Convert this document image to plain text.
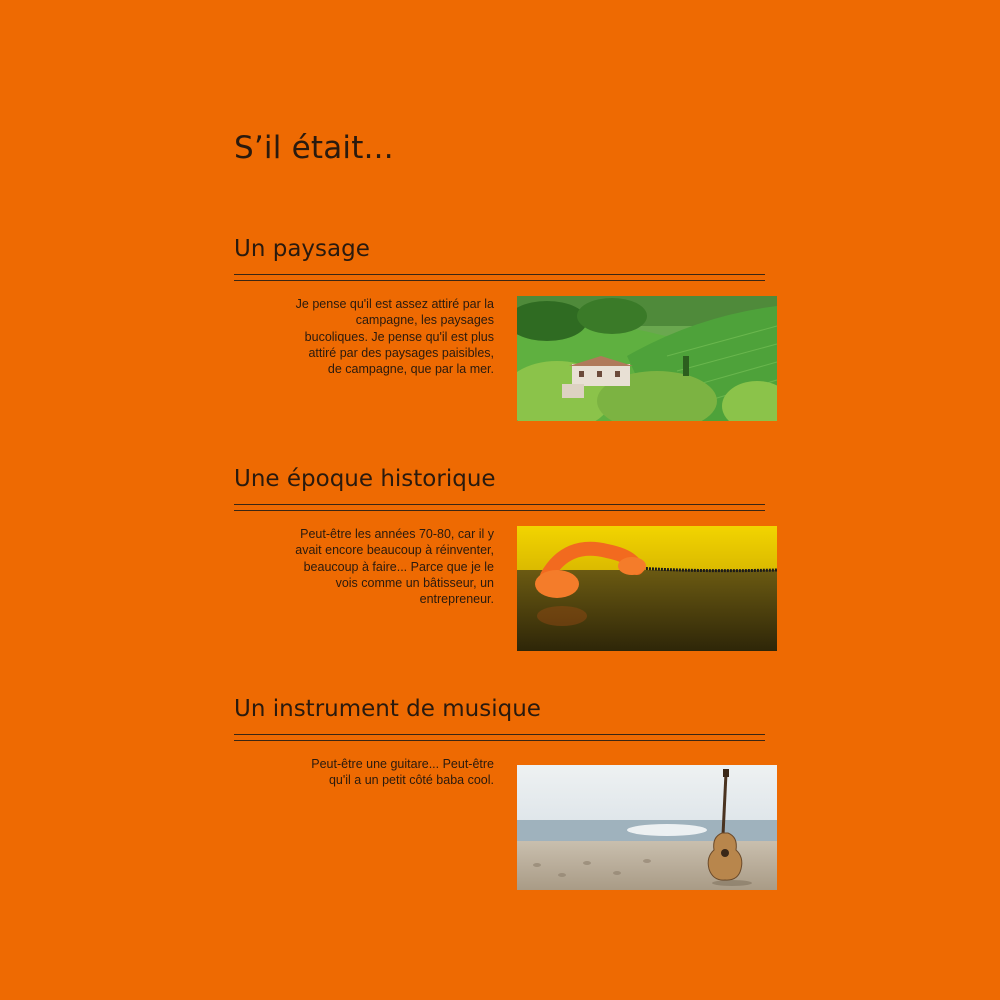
S’il était...
Un paysage

Je pense qu'il est assez attiré par la campagne, les paysages bucoliques. Je pense qu'il est plus attiré par des paysages paisibles, de campagne, que par la mer.

Une époque historique

Peut-être les années 70-80, car il y avait encore beaucoup à réinventer, beaucoup à faire... Parce que je le vois comme un bâtisseur, un entrepreneur.

Un instrument de musique

Peut-être une guitare... Peut-être qu'il a un petit côté baba cool.
